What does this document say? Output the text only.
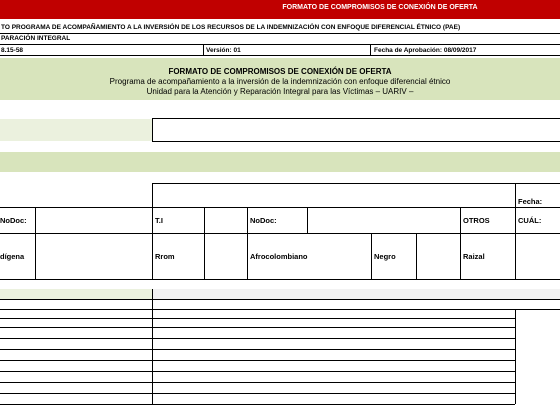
FORMATO DE COMPROMISOS DE CONEXIÓN DE OFERTA
TO PROGRAMA DE ACOMPAÑAMIENTO A LA INVERSIÓN DE LOS RECURSOS DE LA INDEMNIZACIÓN CON ENFOQUE DIFERENCIAL ÉTNICO (PAE)
PARACIÓN INTEGRAL
8.15-58	Versión: 01	Fecha de Aprobación: 08/09/2017
FORMATO DE COMPROMISOS DE CONEXIÓN DE OFERTA
Programa de acompañamiento a la inversión de la indemnización con enfoque diferencial étnico
Unidad para la Atención y Reparación Integral para las Víctimas – UARIV –
Fecha:
NoDoc:	T.I	NoDoc:	OTROS	CUÁL:
dígena	Rrom	Afrocolombiano	Negro	Raizal
